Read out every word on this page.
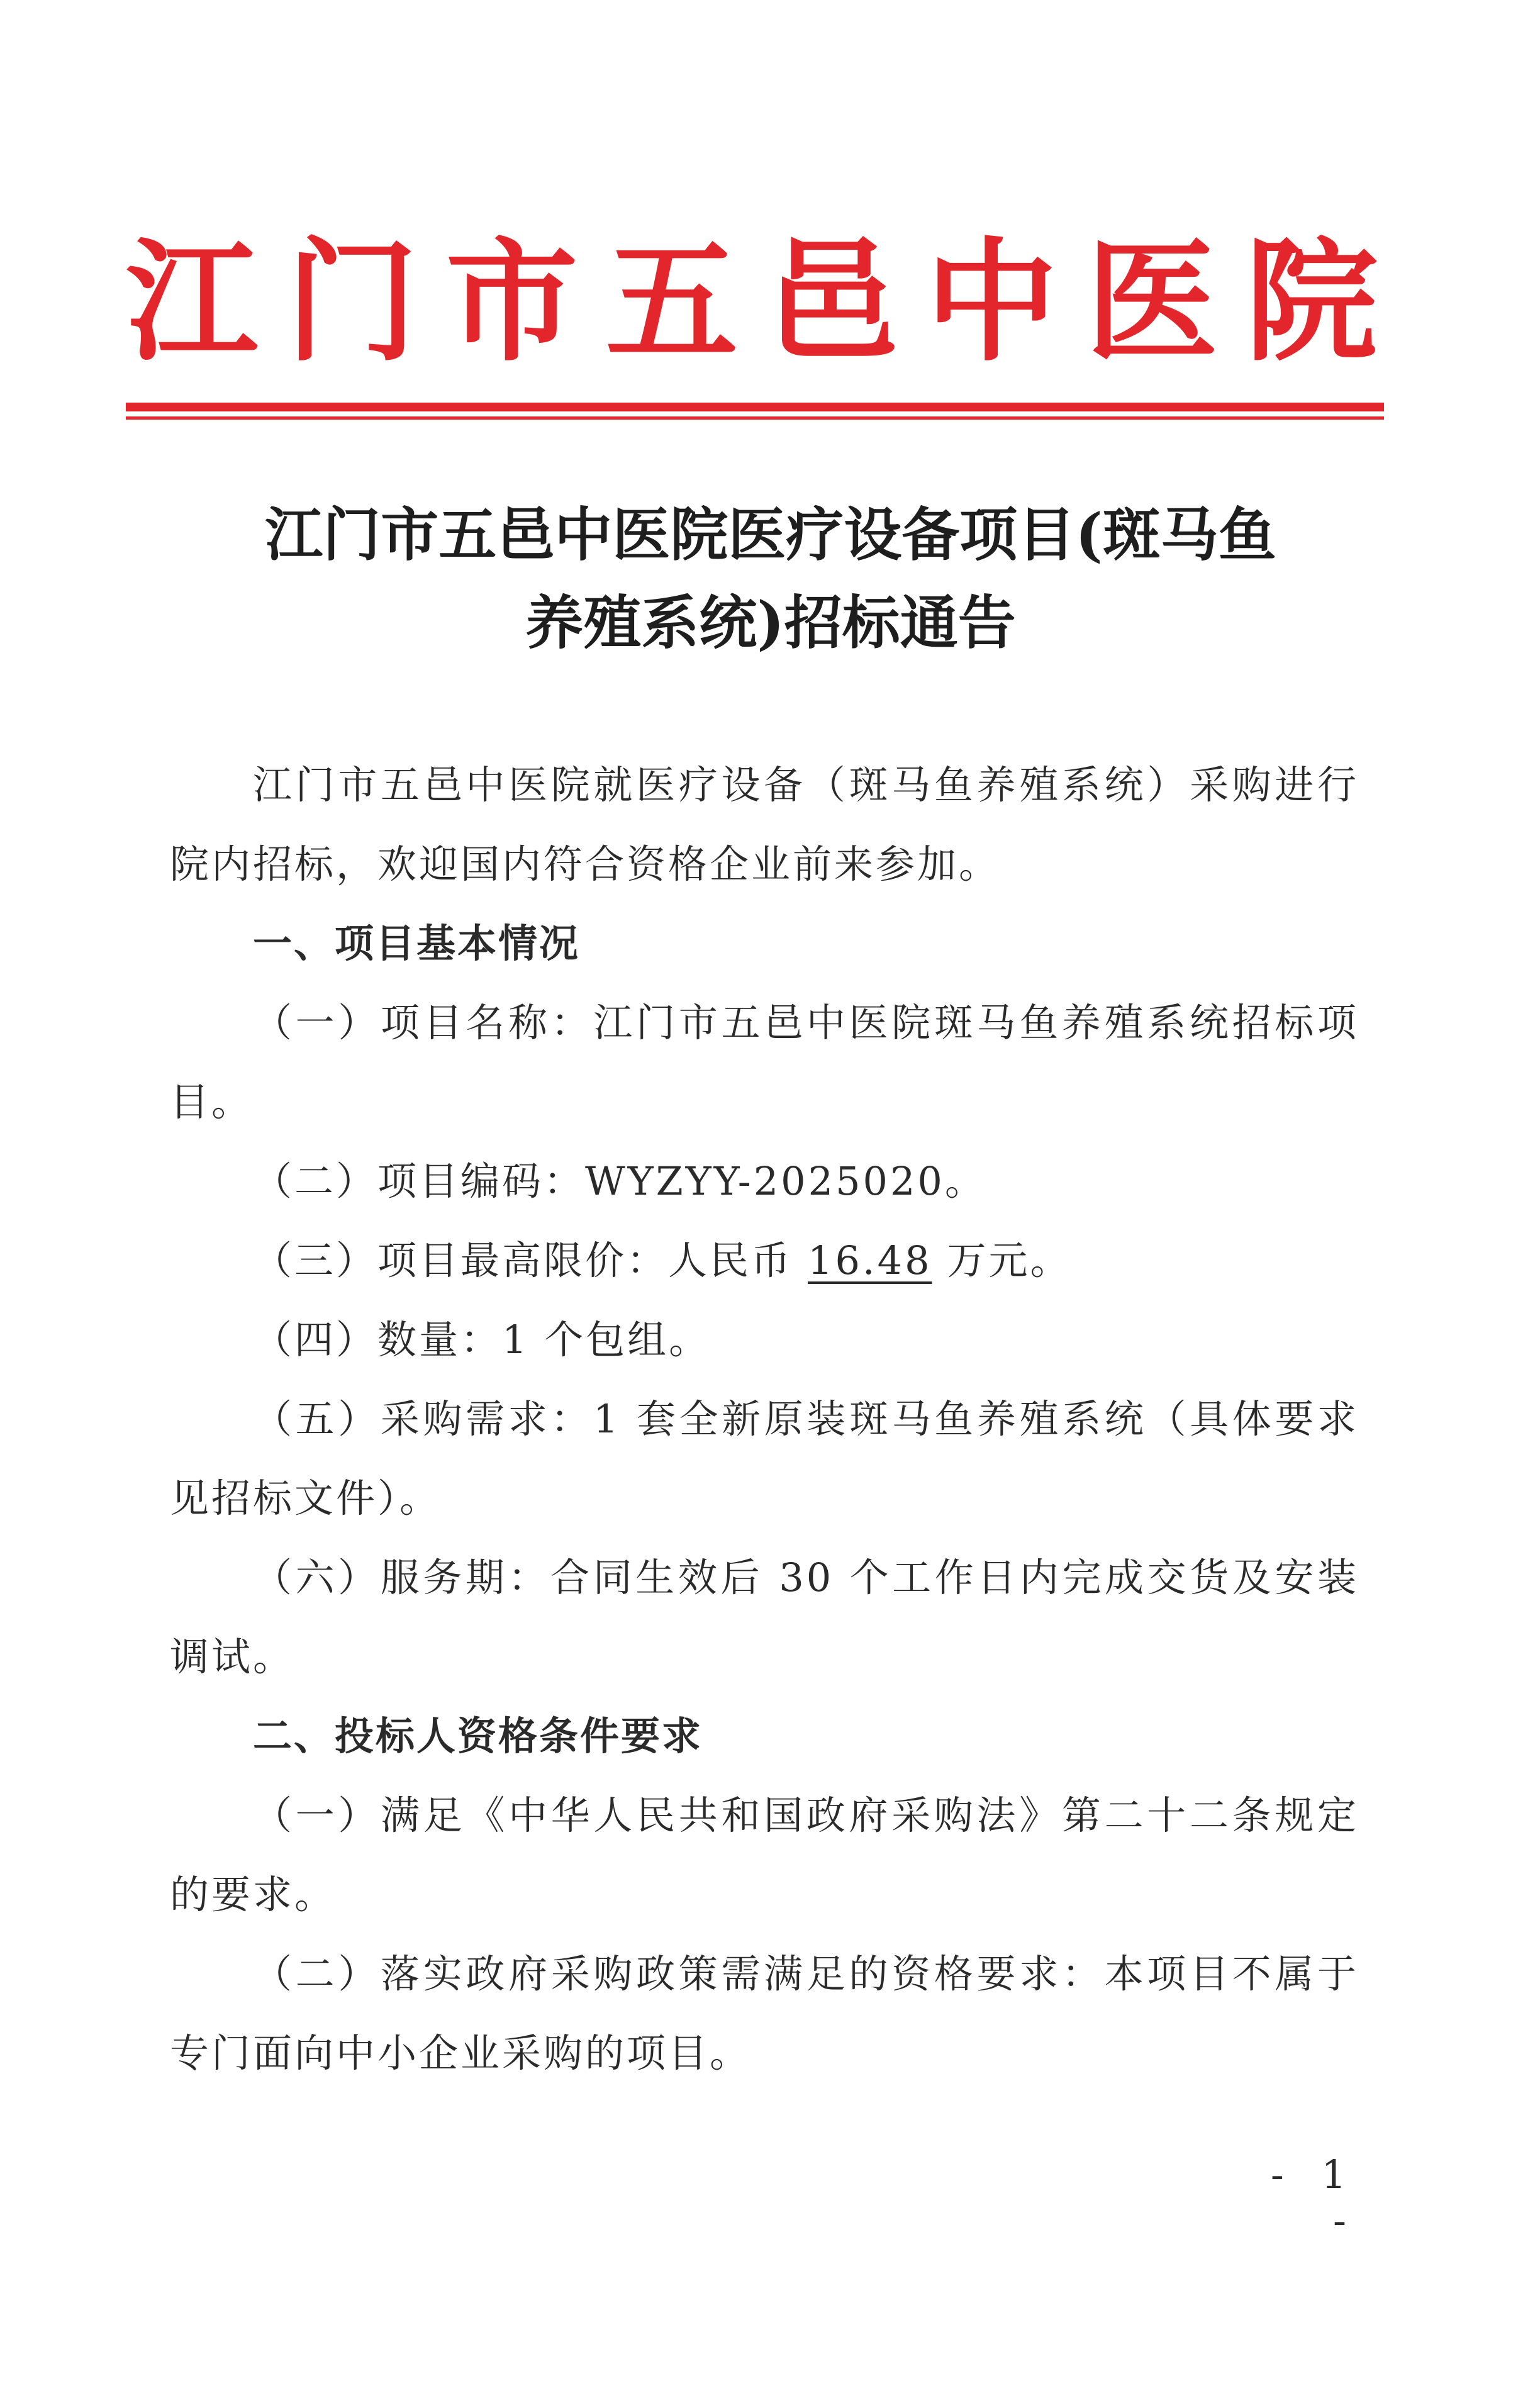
江 门 市 五 邑 中 医 院
江门市五邑中医院医疗设备项目(斑马鱼
养殖系统)招标通告

江门市五邑中医院就医疗设备（斑马鱼养殖系统）采购进行院内招标，欢迎国内符合资格企业前来参加。

一、项目基本情况

（一）项目名称：江门市五邑中医院斑马鱼养殖系统招标项目。

（二）项目编码：WYZYY-2025020。

（三）项目最高限价：人民币 16.48 万元。

（四）数量：1 个包组。

（五）采购需求：1 套全新原装斑马鱼养殖系统（具体要求见招标文件）。

（六）服务期：合同生效后 30 个工作日内完成交货及安装调试。

二、投标人资格条件要求

（一）满足《中华人民共和国政府采购法》第二十二条规定的要求。

（二）落实政府采购政策需满足的资格要求：本项目不属于专门面向中小企业采购的项目。

- 1 -
